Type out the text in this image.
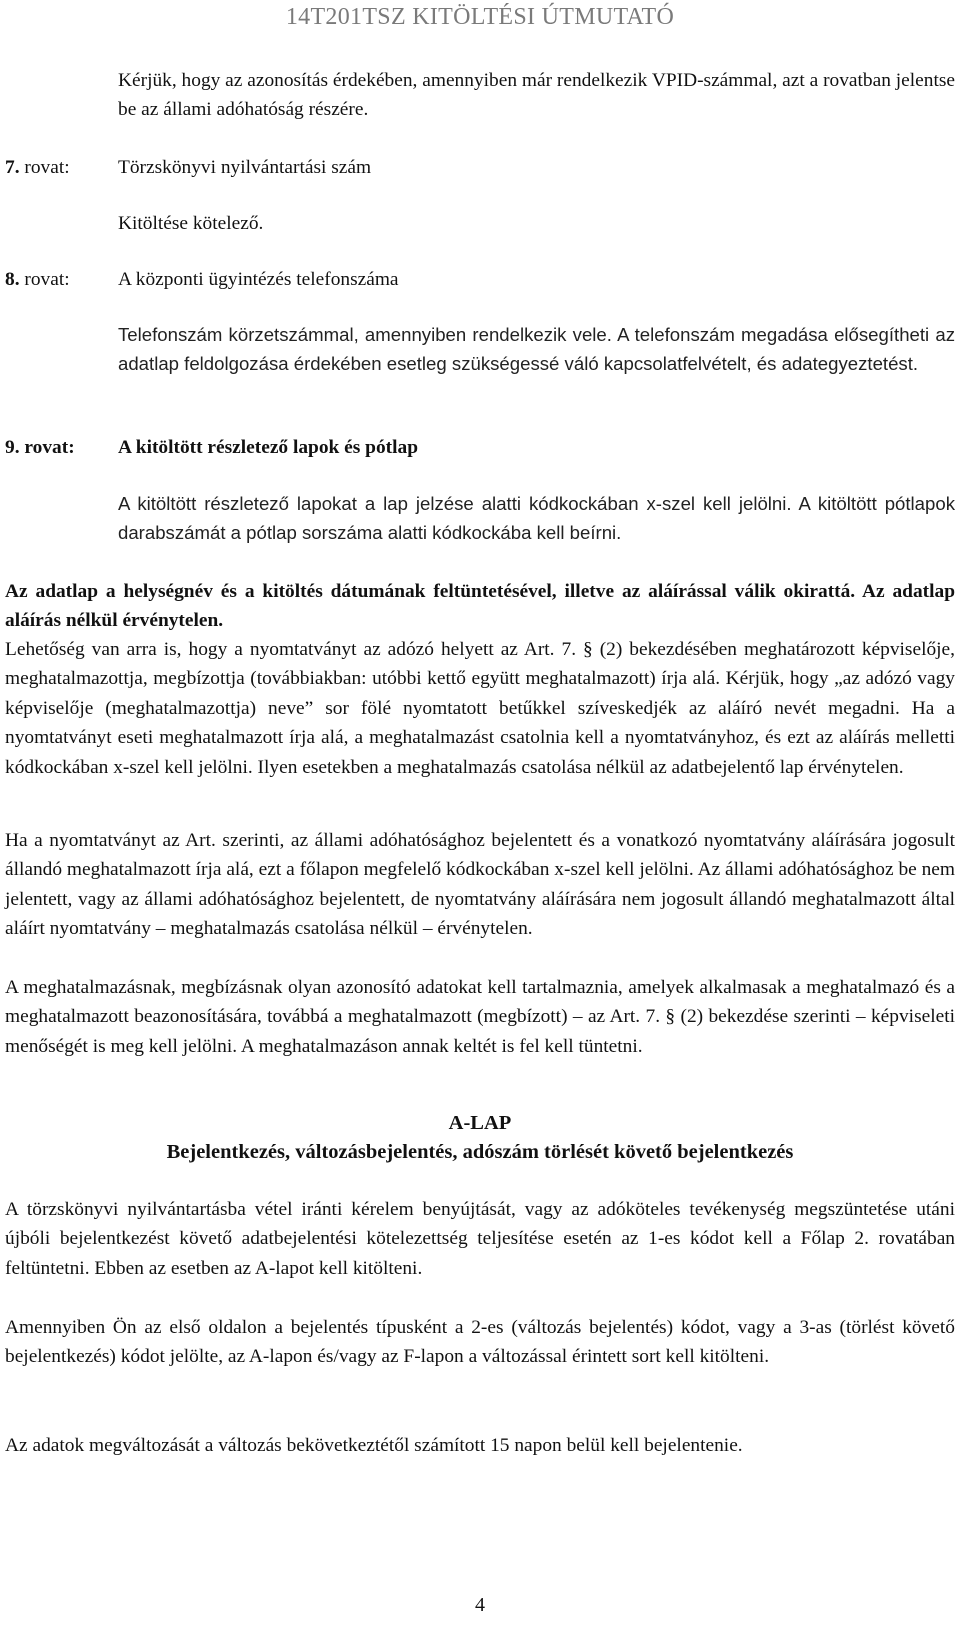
14T201TSZ KITÖLTÉSI ÚTMUTATÓ

Kérjük, hogy az azonosítás érdekében, amennyiben már rendelkezik VPID-számmal, azt a rovatban jelentse be az állami adóhatóság részére.

7. rovat: Törzskönyvi nyilvántartási szám

Kitöltése kötelező.

8. rovat: A központi ügyintézés telefonszáma

Telefonszám körzetszámmal, amennyiben rendelkezik vele. A telefonszám megadása elősegítheti az adatlap feldolgozása érdekében esetleg szükségessé váló kapcsolatfelvételt, és adategyeztetést.

9. rovat: A kitöltött részletező lapok és pótlap

A kitöltött részletező lapokat a lap jelzése alatti kódkockában x-szel kell jelölni. A kitöltött pótlapok darabszámát a pótlap sorszáma alatti kódkockába kell beírni.

Az adatlap a helységnév és a kitöltés dátumának feltüntetésével, illetve az aláírással válik okirattá. Az adatlap aláírás nélkül érvénytelen.

Lehetőség van arra is, hogy a nyomtatványt az adózó helyett az Art. 7. § (2) bekezdésében meghatározott képviselője, meghatalmazottja, megbízottja (továbbiakban: utóbbi kettő együtt meghatalmazott) írja alá. Kérjük, hogy „az adózó vagy képviselője (meghatalmazottja) neve” sor fölé nyomtatott betűkkel szíveskedjék az aláíró nevét megadni. Ha a nyomtatványt eseti meghatalmazott írja alá, a meghatalmazást csatolnia kell a nyomtatványhoz, és ezt az aláírás melletti kódkockában x-szel kell jelölni. Ilyen esetekben a meghatalmazás csatolása nélkül az adatbejelentő lap érvénytelen.

Ha a nyomtatványt az Art. szerinti, az állami adóhatósághoz bejelentett és a vonatkozó nyomtatvány aláírására jogosult állandó meghatalmazott írja alá, ezt a főlapon megfelelő kódkockában x-szel kell jelölni. Az állami adóhatósághoz be nem jelentett, vagy az állami adóhatósághoz bejelentett, de nyomtatvány aláírására nem jogosult állandó meghatalmazott által aláírt nyomtatvány – meghatalmazás csatolása nélkül – érvénytelen.

A meghatalmazásnak, megbízásnak olyan azonosító adatokat kell tartalmaznia, amelyek alkalmasak a meghatalmazó és a meghatalmazott beazonosítására, továbbá a meghatalmazott (megbízott) – az Art. 7. § (2) bekezdése szerinti – képviseleti menőségét is meg kell jelölni. A meghatalmazáson annak keltét is fel kell tüntetni.

A-LAP

Bejelentkezés, változásbejelentés, adószám törlését követő bejelentkezés

A törzskönyvi nyilvántartásba vétel iránti kérelem benyújtását, vagy az adóköteles tevékenység megszüntetése utáni újbóli bejelentkezést követő adatbejelentési kötelezettség teljesítése esetén az 1-es kódot kell a Főlap 2. rovatában feltüntetni. Ebben az esetben az A-lapot kell kitölteni.

Amennyiben Ön az első oldalon a bejelentés típusként a 2-es (változás bejelentés) kódot, vagy a 3-as (törlést követő bejelentkezés) kódot jelölte, az A-lapon és/vagy az F-lapon a változással érintett sort kell kitölteni.

Az adatok megváltozását a változás bekövetkeztétől számított 15 napon belül kell bejelentenie.

4
